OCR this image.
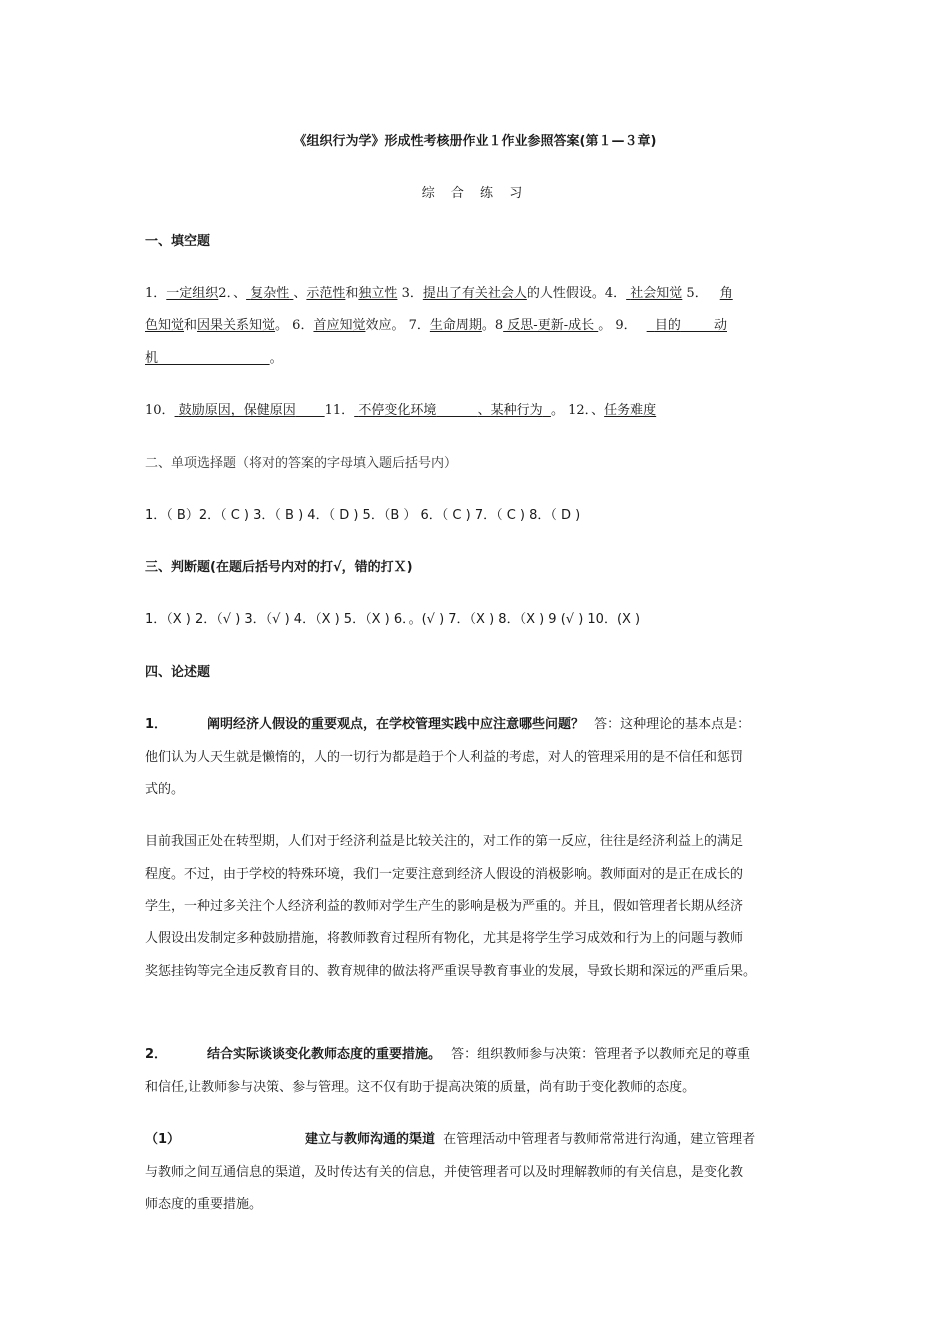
《组织行为学》形成性考核册作业１作业参照答案(第１—３章)
综 合 练 习
一、填空题
1．一定组织2．、 复杂性 、示范性和独立性 3．提出了有关社会人的人性假设。4． 社会知觉 5． 角
色知觉和因果关系知觉。 6．首应知觉效应。 7．生命周期。8 反思-更新-成长 。 9． 目的	动
机	。
10． 鼓励原因，保健原因 11． 不停变化环境	、某种行为 。 12．、任务难度
二、单项选择题（将对的答案的字母填入题后括号内）
1．（ B）2．（ C ) 3．（ B ) 4．（ D ) 5．（B ） 6．（ C ) 7．（ C ) 8．（ D )
三、判断题(在题后括号内对的打√，错的打Ｘ)
1．（X ) 2．（√ ) 3．（√ ) 4．（X ) 5．（X ) 6．。(√ ) 7．（X ) 8．（X ) 9 (√ ) 10．(X )
四、论述题
1．	阐明经济人假设的重要观点，在学校管理实践中应注意哪些问题？ 答：这种理论的基本点是：
他们认为人天生就是懒惰的，人的一切行为都是趋于个人利益的考虑，对人的管理采用的是不信任和惩罚
式的。
目前我国正处在转型期，人们对于经济利益是比较关注的，对工作的第一反应，往往是经济利益上的满足
程度。不过，由于学校的特殊环境，我们一定要注意到经济人假设的消极影响。教师面对的是正在成长的
学生，一种过多关注个人经济利益的教师对学生产生的影响是极为严重的。并且，假如管理者长期从经济
人假设出发制定多种鼓励措施，将教师教育过程所有物化，尤其是将学生学习成效和行为上的问题与教师
奖惩挂钩等完全违反教育目的、教育规律的做法将严重误导教育事业的发展，导致长期和深远的严重后果。
2．	结合实际谈谈变化教师态度的重要措施。 答：组织教师参与决策：管理者予以教师充足的尊重
和信任,让教师参与决策、参与管理。这不仅有助于提高决策的质量，尚有助于变化教师的态度。
（1）	建立与教师沟通的渠道 在管理活动中管理者与教师常常进行沟通，建立管理者
与教师之间互通信息的渠道，及时传达有关的信息，并使管理者可以及时理解教师的有关信息，是变化教
师态度的重要措施。
